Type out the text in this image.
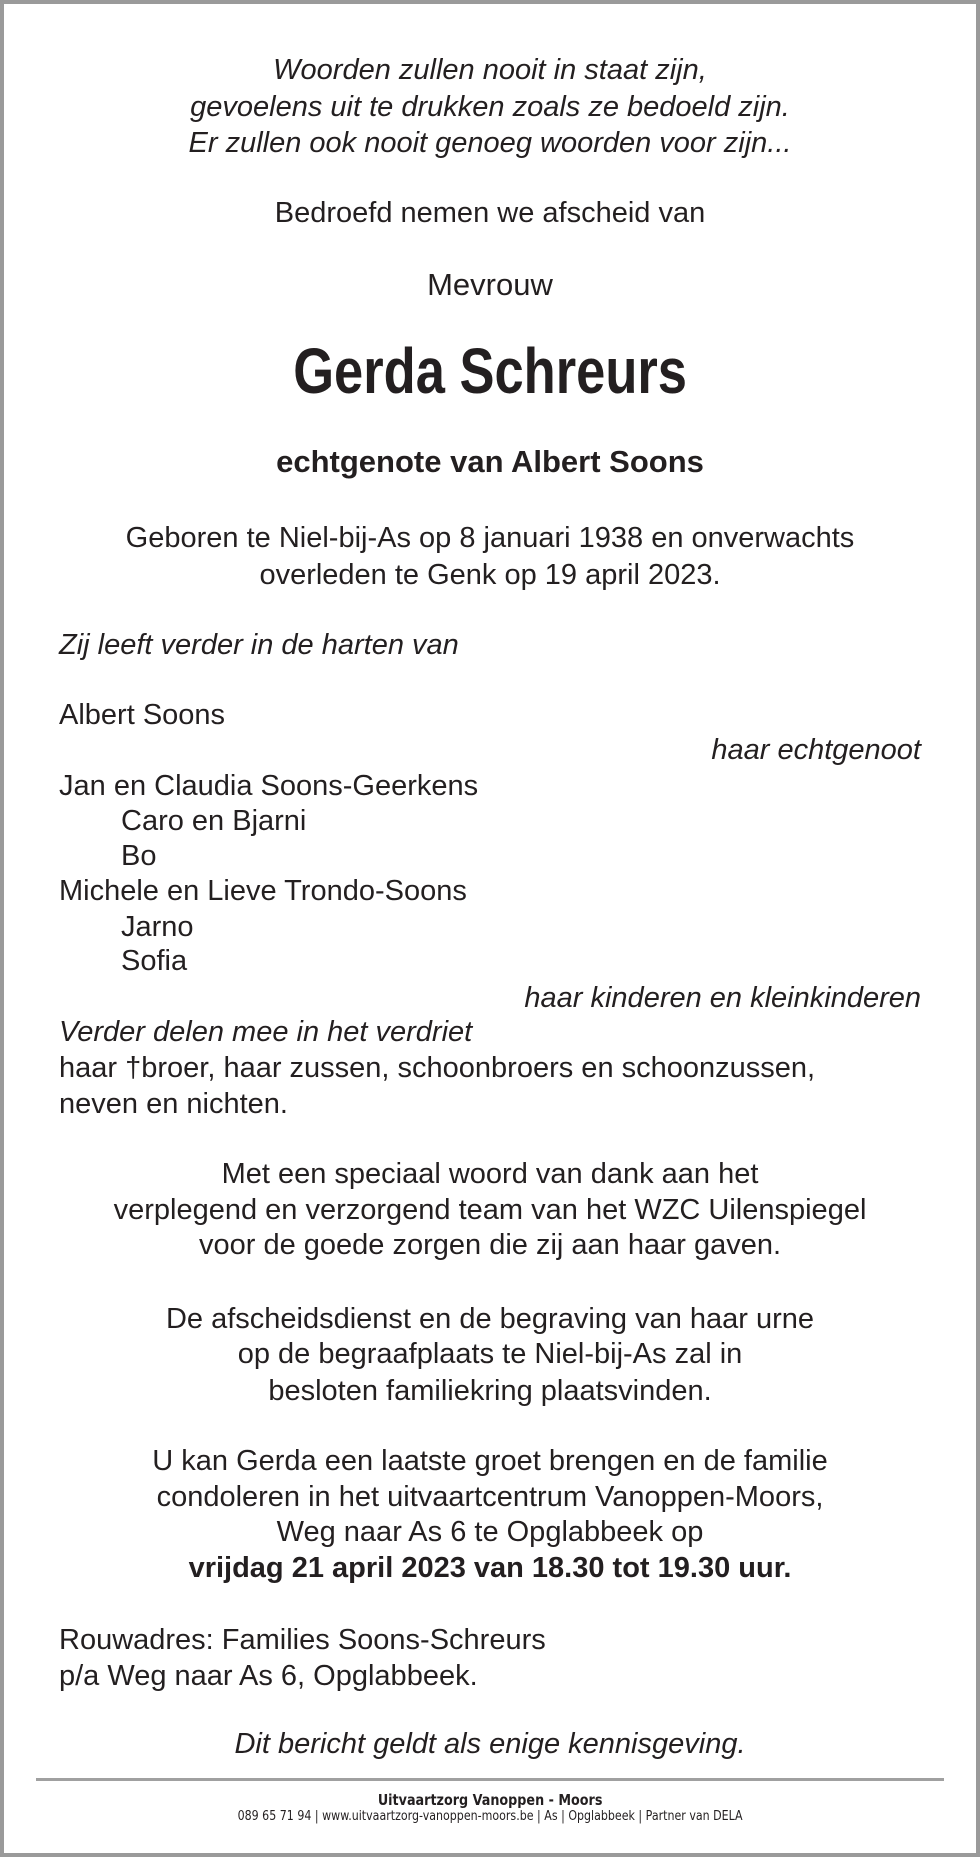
Woorden zullen nooit in staat zijn,
gevoelens uit te drukken zoals ze bedoeld zijn.
Er zullen ook nooit genoeg woorden voor zijn...
Bedroefd nemen we afscheid van
Mevrouw
Gerda Schreurs
echtgenote van Albert Soons
Geboren te Niel-bij-As op 8 januari 1938 en onverwachts
overleden te Genk op 19 april 2023.
Zij leeft verder in de harten van
Albert Soons
haar echtgenoot
Jan en Claudia Soons-Geerkens
Caro en Bjarni
Bo
Michele en Lieve Trondo-Soons
Jarno
Sofia
haar kinderen en kleinkinderen
Verder delen mee in het verdriet
haar †broer, haar zussen, schoonbroers en schoonzussen,
neven en nichten.
Met een speciaal woord van dank aan het
verplegend en verzorgend team van het WZC Uilenspiegel
voor de goede zorgen die zij aan haar gaven.
De afscheidsdienst en de begraving van haar urne
op de begraafplaats te Niel-bij-As zal in
besloten familiekring plaatsvinden.
U kan Gerda een laatste groet brengen en de familie
condoleren in het uitvaartcentrum Vanoppen-Moors,
Weg naar As 6 te Opglabbeek op
vrijdag 21 april 2023 van 18.30 tot 19.30 uur.
Rouwadres: Families Soons-Schreurs
p/a Weg naar As 6, Opglabbeek.
Dit bericht geldt als enige kennisgeving.
Uitvaartzorg Vanoppen - Moors
089 65 71 94 | www.uitvaartzorg-vanoppen-moors.be | As | Opglabbeek | Partner van DELA
